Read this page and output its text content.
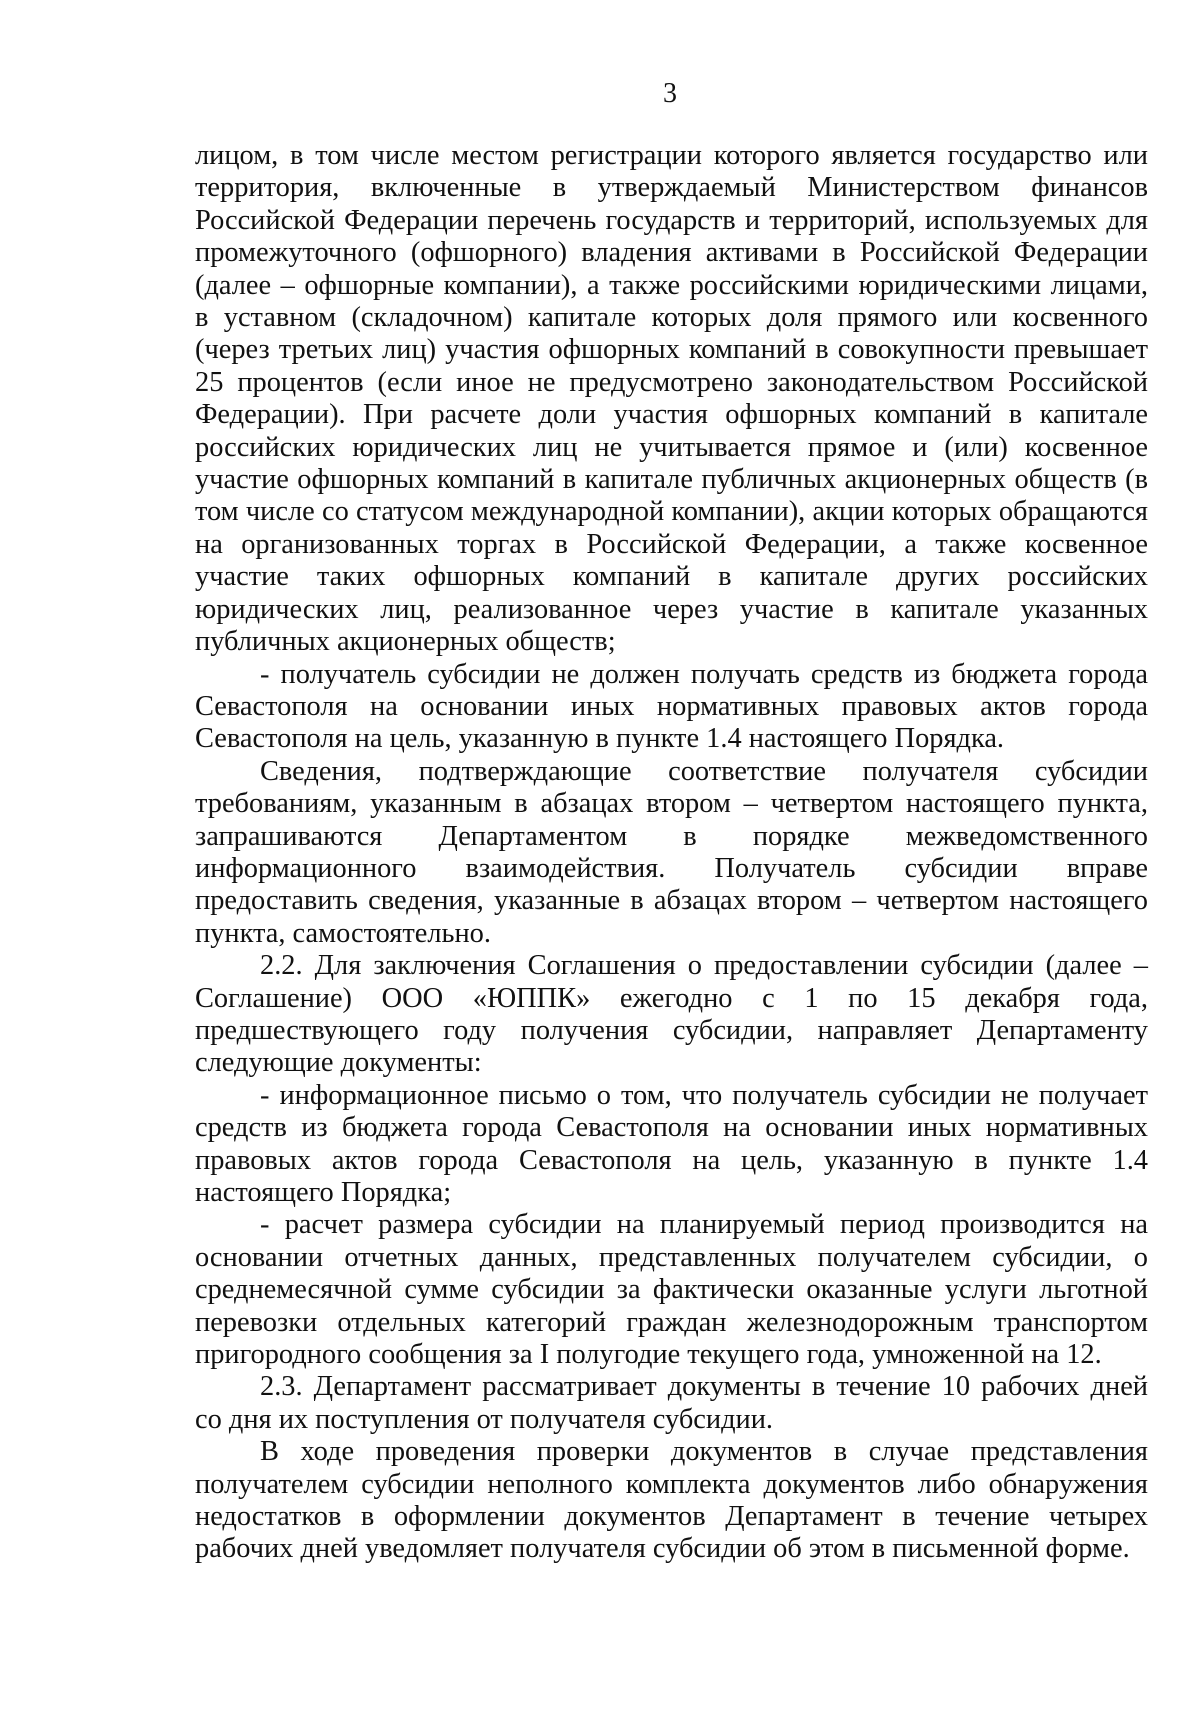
3

лицом, в том числе местом регистрации которого является государство или территория, включенные в утверждаемый Министерством финансов Российской Федерации перечень государств и территорий, используемых для промежуточного (офшорного) владения активами в Российской Федерации (далее – офшорные компании), а также российскими юридическими лицами, в уставном (складочном) капитале которых доля прямого или косвенного (через третьих лиц) участия офшорных компаний в совокупности превышает 25 процентов (если иное не предусмотрено законодательством Российской Федерации). При расчете доли участия офшорных компаний в капитале российских юридических лиц не учитывается прямое и (или) косвенное участие офшорных компаний в капитале публичных акционерных обществ (в том числе со статусом международной компании), акции которых обращаются на организованных торгах в Российской Федерации, а также косвенное участие таких офшорных компаний в капитале других российских юридических лиц, реализованное через участие в капитале указанных публичных акционерных обществ;

- получатель субсидии не должен получать средств из бюджета города Севастополя на основании иных нормативных правовых актов города Севастополя на цель, указанную в пункте 1.4 настоящего Порядка.

Сведения, подтверждающие соответствие получателя субсидии требованиям, указанным в абзацах втором – четвертом настоящего пункта, запрашиваются Департаментом в порядке межведомственного информационного взаимодействия. Получатель субсидии вправе предоставить сведения, указанные в абзацах втором – четвертом настоящего пункта, самостоятельно.

2.2. Для заключения Соглашения о предоставлении субсидии (далее – Соглашение) ООО «ЮППК» ежегодно с 1 по 15 декабря года, предшествующего году получения субсидии, направляет Департаменту следующие документы:

- информационное письмо о том, что получатель субсидии не получает средств из бюджета города Севастополя на основании иных нормативных правовых актов города Севастополя на цель, указанную в пункте 1.4 настоящего Порядка;

- расчет размера субсидии на планируемый период производится на основании отчетных данных, представленных получателем субсидии, о среднемесячной сумме субсидии за фактически оказанные услуги льготной перевозки отдельных категорий граждан железнодорожным транспортом пригородного сообщения за I полугодие текущего года, умноженной на 12.

2.3. Департамент рассматривает документы в течение 10 рабочих дней со дня их поступления от получателя субсидии.

В ходе проведения проверки документов в случае представления получателем субсидии неполного комплекта документов либо обнаружения недостатков в оформлении документов Департамент в течение четырех рабочих дней уведомляет получателя субсидии об этом в письменной форме.
